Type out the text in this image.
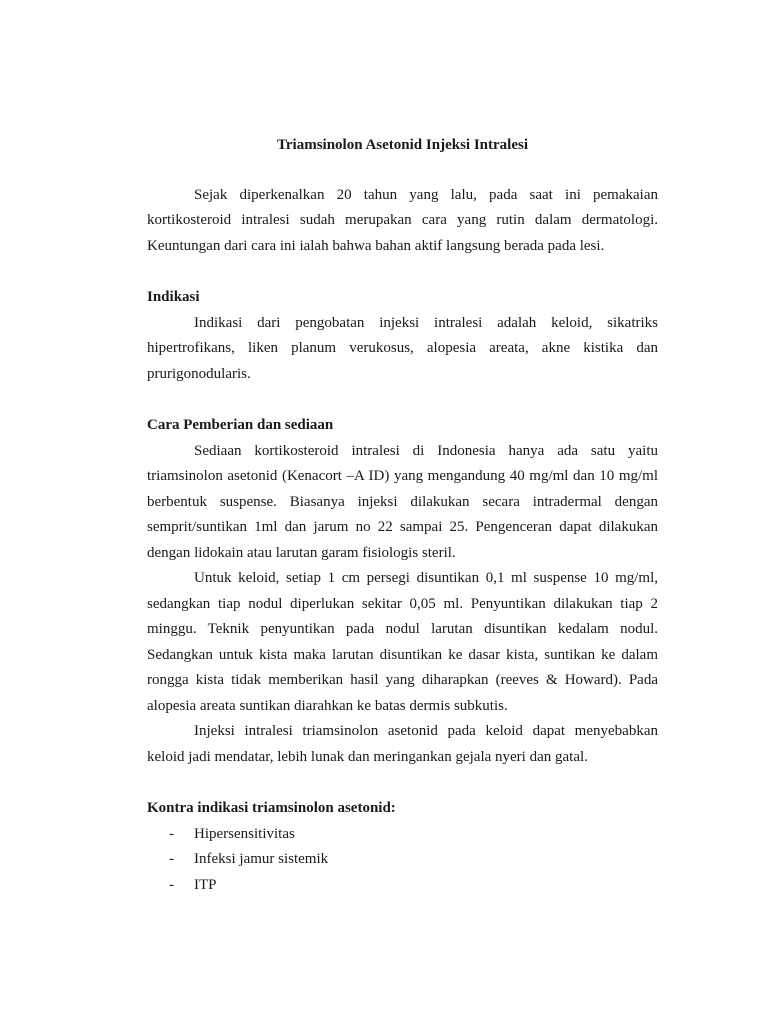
Triamsinolon Asetonid Injeksi Intralesi

Sejak diperkenalkan 20 tahun yang lalu, pada saat ini pemakaian kortikosteroid intralesi sudah merupakan cara yang rutin dalam dermatologi. Keuntungan dari cara ini ialah bahwa bahan aktif langsung berada pada lesi.

Indikasi

Indikasi dari pengobatan injeksi intralesi adalah keloid, sikatriks hipertrofikans, liken planum verukosus, alopesia areata, akne kistika dan prurigonodularis.

Cara Pemberian dan sediaan

Sediaan kortikosteroid intralesi di Indonesia hanya ada satu yaitu triamsinolon asetonid (Kenacort –A ID) yang mengandung 40 mg/ml dan 10 mg/ml berbentuk suspense. Biasanya injeksi dilakukan secara intradermal dengan semprit/suntikan 1ml dan jarum no 22 sampai 25. Pengenceran dapat dilakukan dengan lidokain atau larutan garam fisiologis steril.

Untuk keloid, setiap 1 cm persegi disuntikan 0,1 ml suspense 10 mg/ml, sedangkan tiap nodul diperlukan sekitar 0,05 ml. Penyuntikan dilakukan tiap 2 minggu. Teknik penyuntikan pada nodul larutan disuntikan kedalam nodul. Sedangkan untuk kista maka larutan disuntikan ke dasar kista, suntikan ke dalam rongga kista tidak memberikan hasil yang diharapkan (reeves & Howard). Pada alopesia areata suntikan diarahkan ke batas dermis subkutis.

Injeksi intralesi triamsinolon asetonid pada keloid dapat menyebabkan keloid jadi mendatar, lebih lunak dan meringankan gejala nyeri dan gatal.

Kontra indikasi triamsinolon asetonid:
-	Hipersensitivitas
-	Infeksi jamur sistemik
-	ITP
